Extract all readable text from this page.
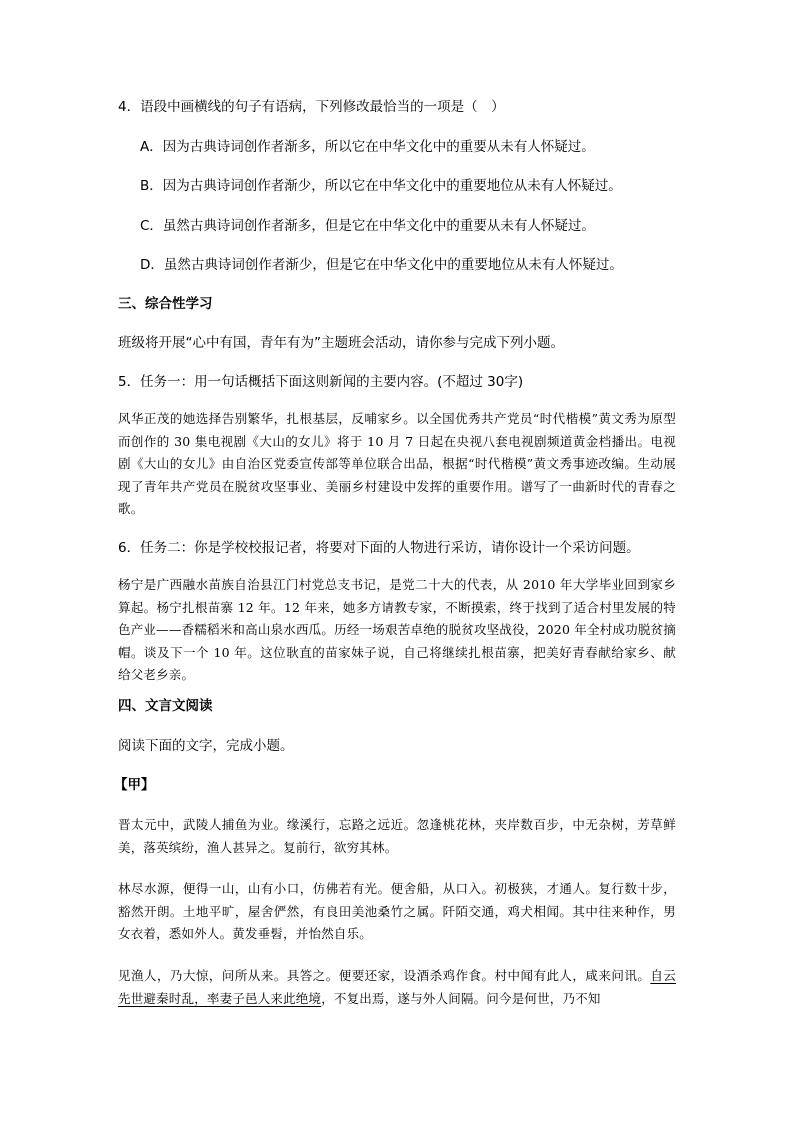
4．语段中画横线的句子有语病，下列修改最恰当的一项是（　）
A．因为古典诗词创作者渐多，所以它在中华文化中的重要从未有人怀疑过。
B．因为古典诗词创作者渐少，所以它在中华文化中的重要地位从未有人怀疑过。
C．虽然古典诗词创作者渐多，但是它在中华文化中的重要从未有人怀疑过。
D．虽然古典诗词创作者渐少，但是它在中华文化中的重要地位从未有人怀疑过。
三、综合性学习
班级将开展“心中有国，青年有为”主题班会活动，请你参与完成下列小题。
5．任务一：用一句话概括下面这则新闻的主要内容。(不超过 30字)

风华正茂的她选择告别繁华，扎根基层，反哺家乡。以全国优秀共产党员“时代楷模”黄文秀为原型而创作的 30 集电视剧《大山的女儿》将于 10 月 7 日起在央视八套电视剧频道黄金档播出。电视剧《大山的女儿》由自治区党委宣传部等单位联合出品，根据“时代楷模”黄文秀事迹改编。生动展现了青年共产党员在脱贫攻坚事业、美丽乡村建设中发挥的重要作用。谱写了一曲新时代的青春之歌。

6．任务二：你是学校校报记者，将要对下面的人物进行采访，请你设计一个采访问题。

杨宁是广西融水苗族自治县江门村党总支书记，是党二十大的代表，从 2010 年大学毕业回到家乡算起。杨宁扎根苗寨 12 年。12 年来，她多方请教专家，不断摸索，终于找到了适合村里发展的特色产业——香糯稻米和高山泉水西瓜。历经一场艰苦卓绝的脱贫攻坚战役，2020 年全村成功脱贫摘帽。谈及下一个 10 年。这位耿直的苗家妹子说，自己将继续扎根苗寨，把美好青春献给家乡、献给父老乡亲。

四、文言文阅读
阅读下面的文字，完成小题。
【甲】

晋太元中，武陵人捕鱼为业。缘溪行，忘路之远近。忽逢桃花林，夹岸数百步，中无杂树，芳草鲜美，落英缤纷，渔人甚异之。复前行，欲穷其林。

林尽水源，便得一山，山有小口，仿佛若有光。便舍船，从口入。初极狭，才通人。复行数十步，豁然开朗。土地平旷，屋舍俨然，有良田美池桑竹之属。阡陌交通，鸡犬相闻。其中往来种作，男女衣着，悉如外人。黄发垂髫，并怡然自乐。

见渔人，乃大惊，问所从来。具答之。便要还家，设酒杀鸡作食。村中闻有此人，咸来问讯。自云先世避秦时乱，率妻子邑人来此绝境，不复出焉，遂与外人间隔。问今是何世，乃不知
